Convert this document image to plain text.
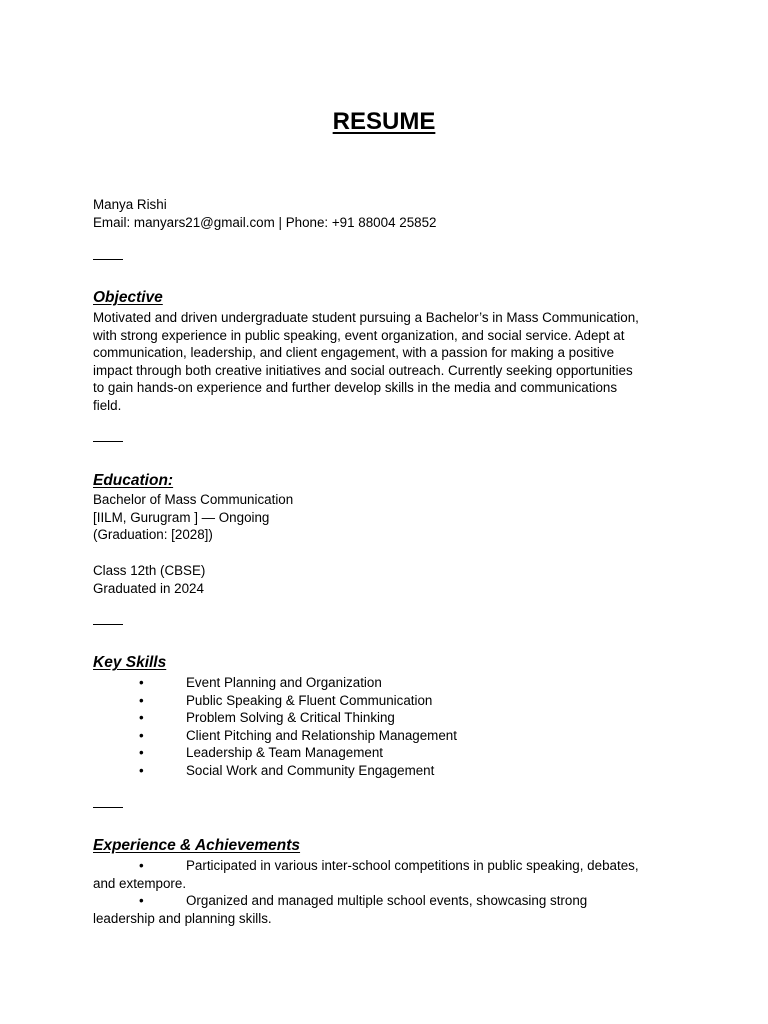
RESUME
Manya Rishi
Email: manyars21@gmail.com | Phone: +91 88004 25852
Objective
Motivated and driven undergraduate student pursuing a Bachelor’s in Mass Communication,
with strong experience in public speaking, event organization, and social service. Adept at
communication, leadership, and client engagement, with a passion for making a positive
impact through both creative initiatives and social outreach. Currently seeking opportunities
to gain hands-on experience and further develop skills in the media and communications
field.
Education:
Bachelor of Mass Communication
[IILM, Gurugram ] — Ongoing
(Graduation: [2028])
Class 12th (CBSE)
Graduated in 2024
Key Skills
•	Event Planning and Organization
•	Public Speaking & Fluent Communication
•	Problem Solving & Critical Thinking
•	Client Pitching and Relationship Management
•	Leadership & Team Management
•	Social Work and Community Engagement
Experience & Achievements
•	Participated in various inter-school competitions in public speaking, debates,
and extempore.
•	Organized and managed multiple school events, showcasing strong
leadership and planning skills.
